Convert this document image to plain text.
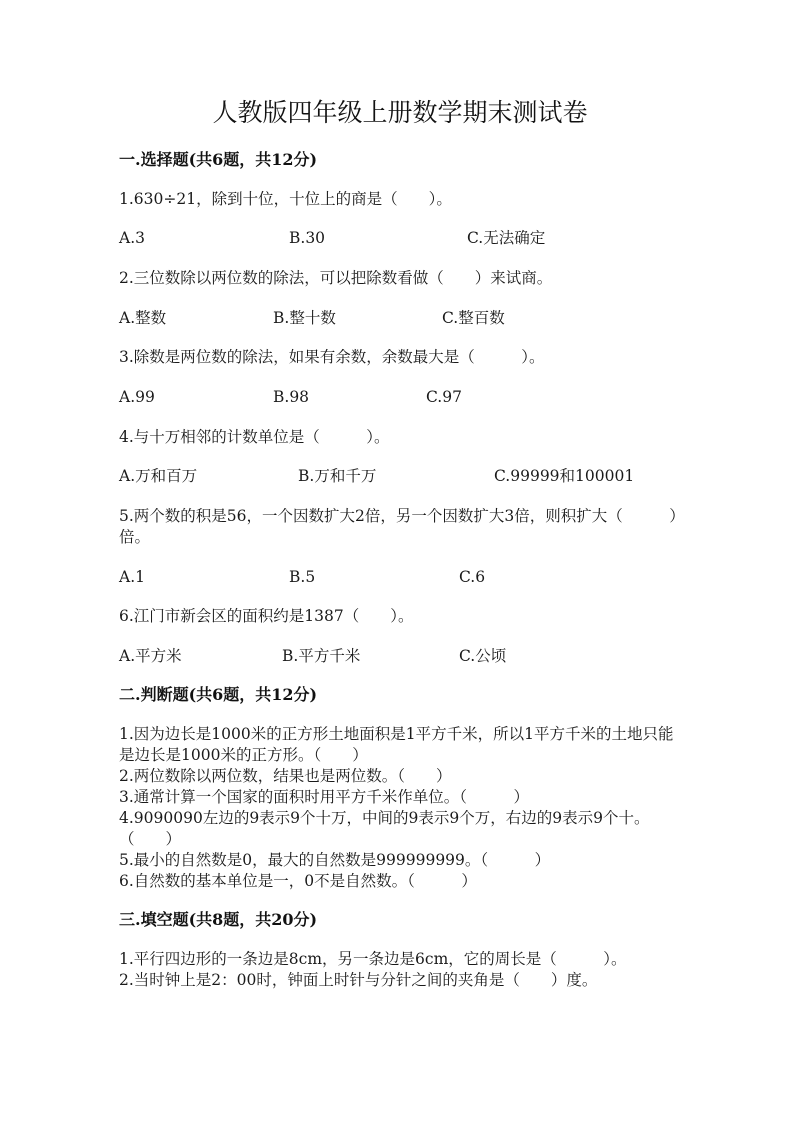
人教版四年级上册数学期末测试卷
一.选择题(共6题，共12分)
1.630÷21，除到十位，十位上的商是（　　）。
A.3	B.30	C.无法确定
2.三位数除以两位数的除法，可以把除数看做（　　）来试商。
A.整数	B.整十数	C.整百数
3.除数是两位数的除法，如果有余数，余数最大是（　　　）。
A.99	B.98	C.97
4.与十万相邻的计数单位是（　　　）。
A.万和百万	B.万和千万	C.99999和100001
5.两个数的积是56，一个因数扩大2倍，另一个因数扩大3倍，则积扩大（　　　）倍。
A.1	B.5	C.6
6.江门市新会区的面积约是1387（　　）。
A.平方米	B.平方千米	C.公顷
二.判断题(共6题，共12分)
1.因为边长是1000米的正方形土地面积是1平方千米，所以1平方千米的土地只能是边长是1000米的正方形。（　　）
2.两位数除以两位数，结果也是两位数。（　　）
3.通常计算一个国家的面积时用平方千米作单位。（　　　）
4.9090090左边的9表示9个十万，中间的9表示9个万，右边的9表示9个十。　　　（　　）
5.最小的自然数是0，最大的自然数是999999999。（　　　）
6.自然数的基本单位是一，0不是自然数。（　　　）
三.填空题(共8题，共20分)
1.平行四边形的一条边是8cm，另一条边是6cm，它的周长是（　　　）。
2.当时钟上是2：00时，钟面上时针与分针之间的夹角是（　　）度。
